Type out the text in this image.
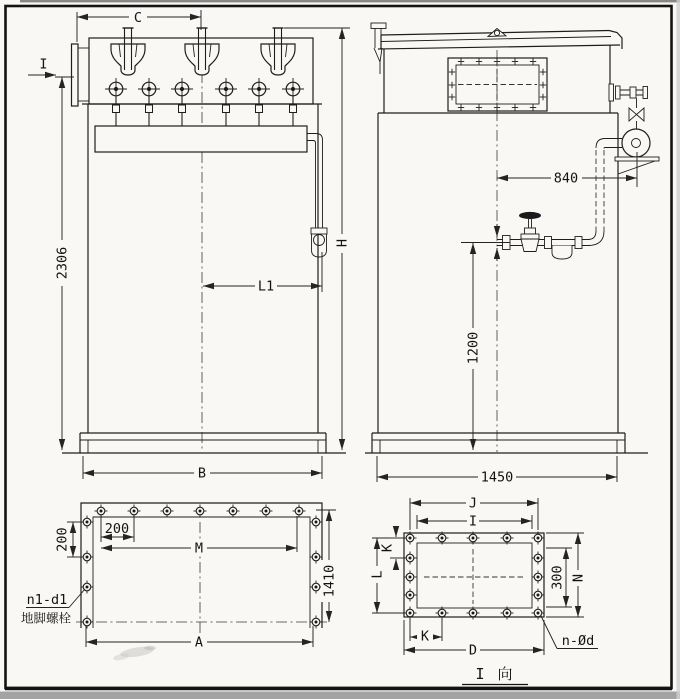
I
C
2306
H
L1
B
840
1200
1450
200
M
200
1410
A
n1-d1
地脚螺栓
J
I
K
L	300 N
K
D
n-Ød
I 向
